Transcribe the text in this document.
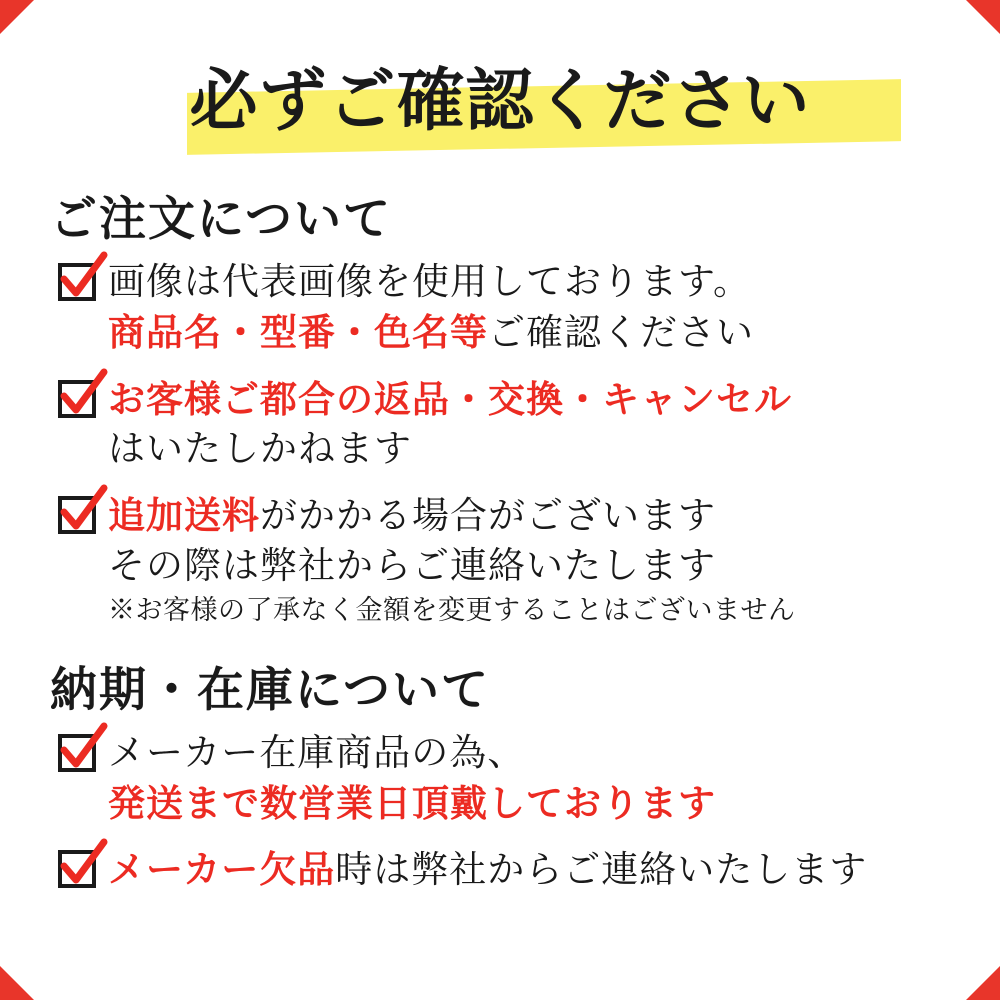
必ずご確認ください
ご注文について
画像は代表画像を使用しております。 商品名・型番・色名等ご確認ください
お客様ご都合の返品・交換・キャンセル はいたしかねます
追加送料がかかる場合がございます その際は弊社からご連絡いたします ※お客様の了承なく金額を変更することはございません
納期・在庫について
メーカー在庫商品の為、 発送まで数営業日頂戴しております
メーカー欠品時は弊社からご連絡いたします
